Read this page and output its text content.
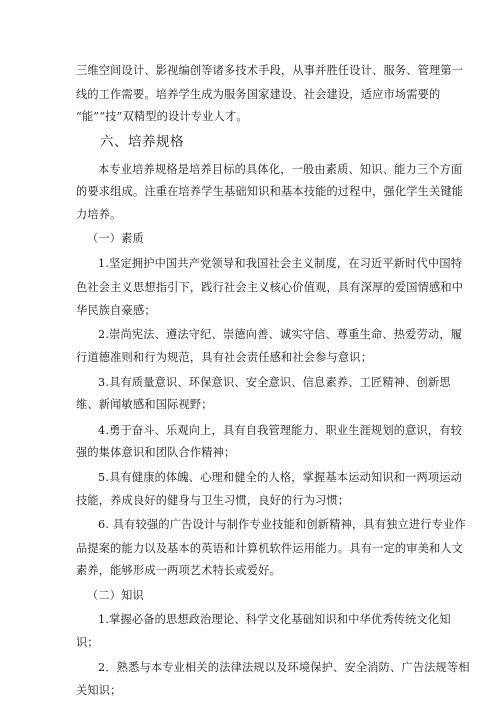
三维空间设计、影视编创等诸多技术手段，从事并胜任设计、服务、管理第一
线的工作需要。培养学生成为服务国家建设、社会建设，适应市场需要的
“能”“技”双精型的设计专业人才。
六、培养规格
本专业培养规格是培养目标的具体化，一般由素质、知识、能力三个方面
的要求组成。注重在培养学生基础知识和基本技能的过程中，强化学生关键能
力培养。
（一）素质
1.坚定拥护中国共产党领导和我国社会主义制度，在习近平新时代中国特
色社会主义思想指引下，践行社会主义核心价值观，具有深厚的爱国情感和中
华民族自豪感；
2.崇尚宪法、遵法守纪、崇德向善、诚实守信、尊重生命、热爱劳动，履
行道德准则和行为规范，具有社会责任感和社会参与意识；
3.具有质量意识、环保意识、安全意识、信息素养、工匠精神、创新思
维、新闻敏感和国际视野；
4.勇于奋斗、乐观向上，具有自我管理能力、职业生涯规划的意识，有较
强的集体意识和团队合作精神；
5.具有健康的体魄、心理和健全的人格，掌握基本运动知识和一两项运动
技能，养成良好的健身与卫生习惯，良好的行为习惯；
6. 具有较强的广告设计与制作专业技能和创新精神，具有独立进行专业作
品提案的能力以及基本的英语和计算机软件运用能力。具有一定的审美和人文
素养，能够形成一两项艺术特长或爱好。
（二）知识
1.掌握必备的思想政治理论、科学文化基础知识和中华优秀传统文化知
识；
2．熟悉与本专业相关的法律法规以及环境保护、安全消防、广告法规等相
关知识；
